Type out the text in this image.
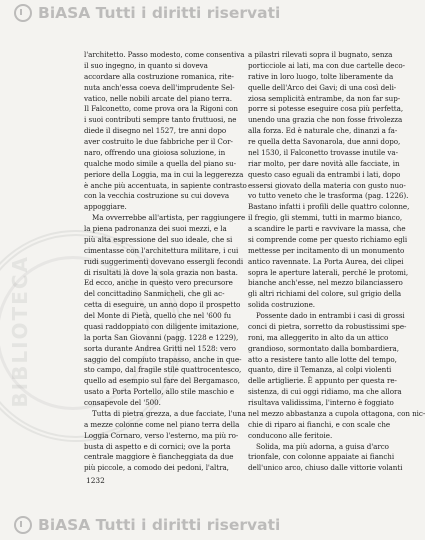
BIBLIOTECA
BiASA Tutti i diritti riservati
l'architetto. Passo modesto, come consentiva
il suo ingegno, in quanto si doveva
accordare alla costruzione romanica, rite-
nuta anch'essa coeva dell'imprudente Sel-
vatico, nelle nobili arcate del piano terra.
Il Falconetto, come prova ora la Rigoni con
i suoi contributi sempre tanto fruttuosi, ne
diede il disegno nel 1527, tre anni dopo
aver costruito le due fabbriche per il Cor-
naro, offrendo una gioiosa soluzione, in
qualche modo simile a quella del piano su-
periore della Loggia, ma in cui la leggerezza
è anche più accentuata, in sapiente contrasto
con la vecchia costruzione su cui doveva
appoggiare.
Ma ovverrebbe all'artista, per raggiungere
la piena padronanza dei suoi mezzi, e la
più alta espressione del suo ideale, che si
cimentasse con l'architettura militare, i cui
rudi suggerimenti dovevano essergli fecondi
di risultati là dove la sola grazia non basta.
Ed ecco, anche in questo vero precursore
del concittadino Sanmicheli, che gli ac-
cetta di eseguire, un anno dopo il prospetto
del Monte di Pietà, quello che nel '600 fu
quasi raddoppiato con diligente imitazione,
la porta San Giovanni (pagg. 1228 e 1229),
sorta durante Andrea Gritti nel 1528: vero
saggio del compiuto trapasso, anche in que-
sto campo, dal fragile stile quattrocentesco,
quello ad esempio sul fare del Bergamasco,
usato a Porta Portello, allo stile maschio e
consapevole del '500.
Tutta di pietra grezza, a due facciate, l'una
a mezze colonne come nel piano terra della
Loggia Cornaro, verso l'esterno, ma più ro-
busta di aspetto e di cornici; ove la porta
centrale maggiore è fiancheggiata da due
più piccole, a comodo dei pedoni, l'altra,
a pilastri rilevati sopra il bugnato, senza
porticciole ai lati, ma con due cartelle deco-
rative in loro luogo, tolte liberamente da
quelle dell'Arco dei Gavi; di una così deli-
ziosa semplicità entrambe, da non far sup-
porre si potesse eseguire cosa più perfetta,
unendo una grazia che non fosse frivolezza
alla forza. Ed è naturale che, dinanzi a fa-
re quella detta Savonarola, due anni dopo,
nel 1530, il Falconetto trovasse inutile va-
riar molto, per dare novità alle facciate, in
questo caso eguali da entrambi i lati, dopo
essersi giovato della materia con gusto nuo-
vo tutto veneto che le trasforma (pag. 1226).
Bastano infatti i profili delle quattro colonne,
il fregio, gli stemmi, tutti in marmo bianco,
a scandire le parti e ravvivare la massa, che
si comprende come per questo richiamo egli
mettesse per incitamento di un monumento
antico ravennate. La Porta Aurea, dei clipei
sopra le aperture laterali, perché le protomi,
bianche anch'esse, nel mezzo bilanciassero
gli altri richiami del colore, sul grigio della
solida costruzione.
Possente dado in entrambi i casi di grossi
conci di pietra, sorretto da robustissimi spe-
roni, ma alleggerito in alto da un attico
grandioso, sormontato dalla bombardiera,
atto a resistere tanto alle lotte del tempo,
quanto, dire il Temanza, al colpi violenti
delle artiglierie. È appunto per questa re-
sistenza, di cui oggi ridiamo, ma che allora
risultava validissima, l'interno è foggiato
nel mezzo abbastanza a cupola ottagona, con nic-
chie di riparo ai fianchi, e con scale che
conducono alle feritoie.
Solida, ma più adorna, a guisa d'arco
trionfale, con colonne appaiate ai fianchi
dell'unico arco, chiuso dalle vittorie volanti
1232
BiASA Tutti i diritti riservati
